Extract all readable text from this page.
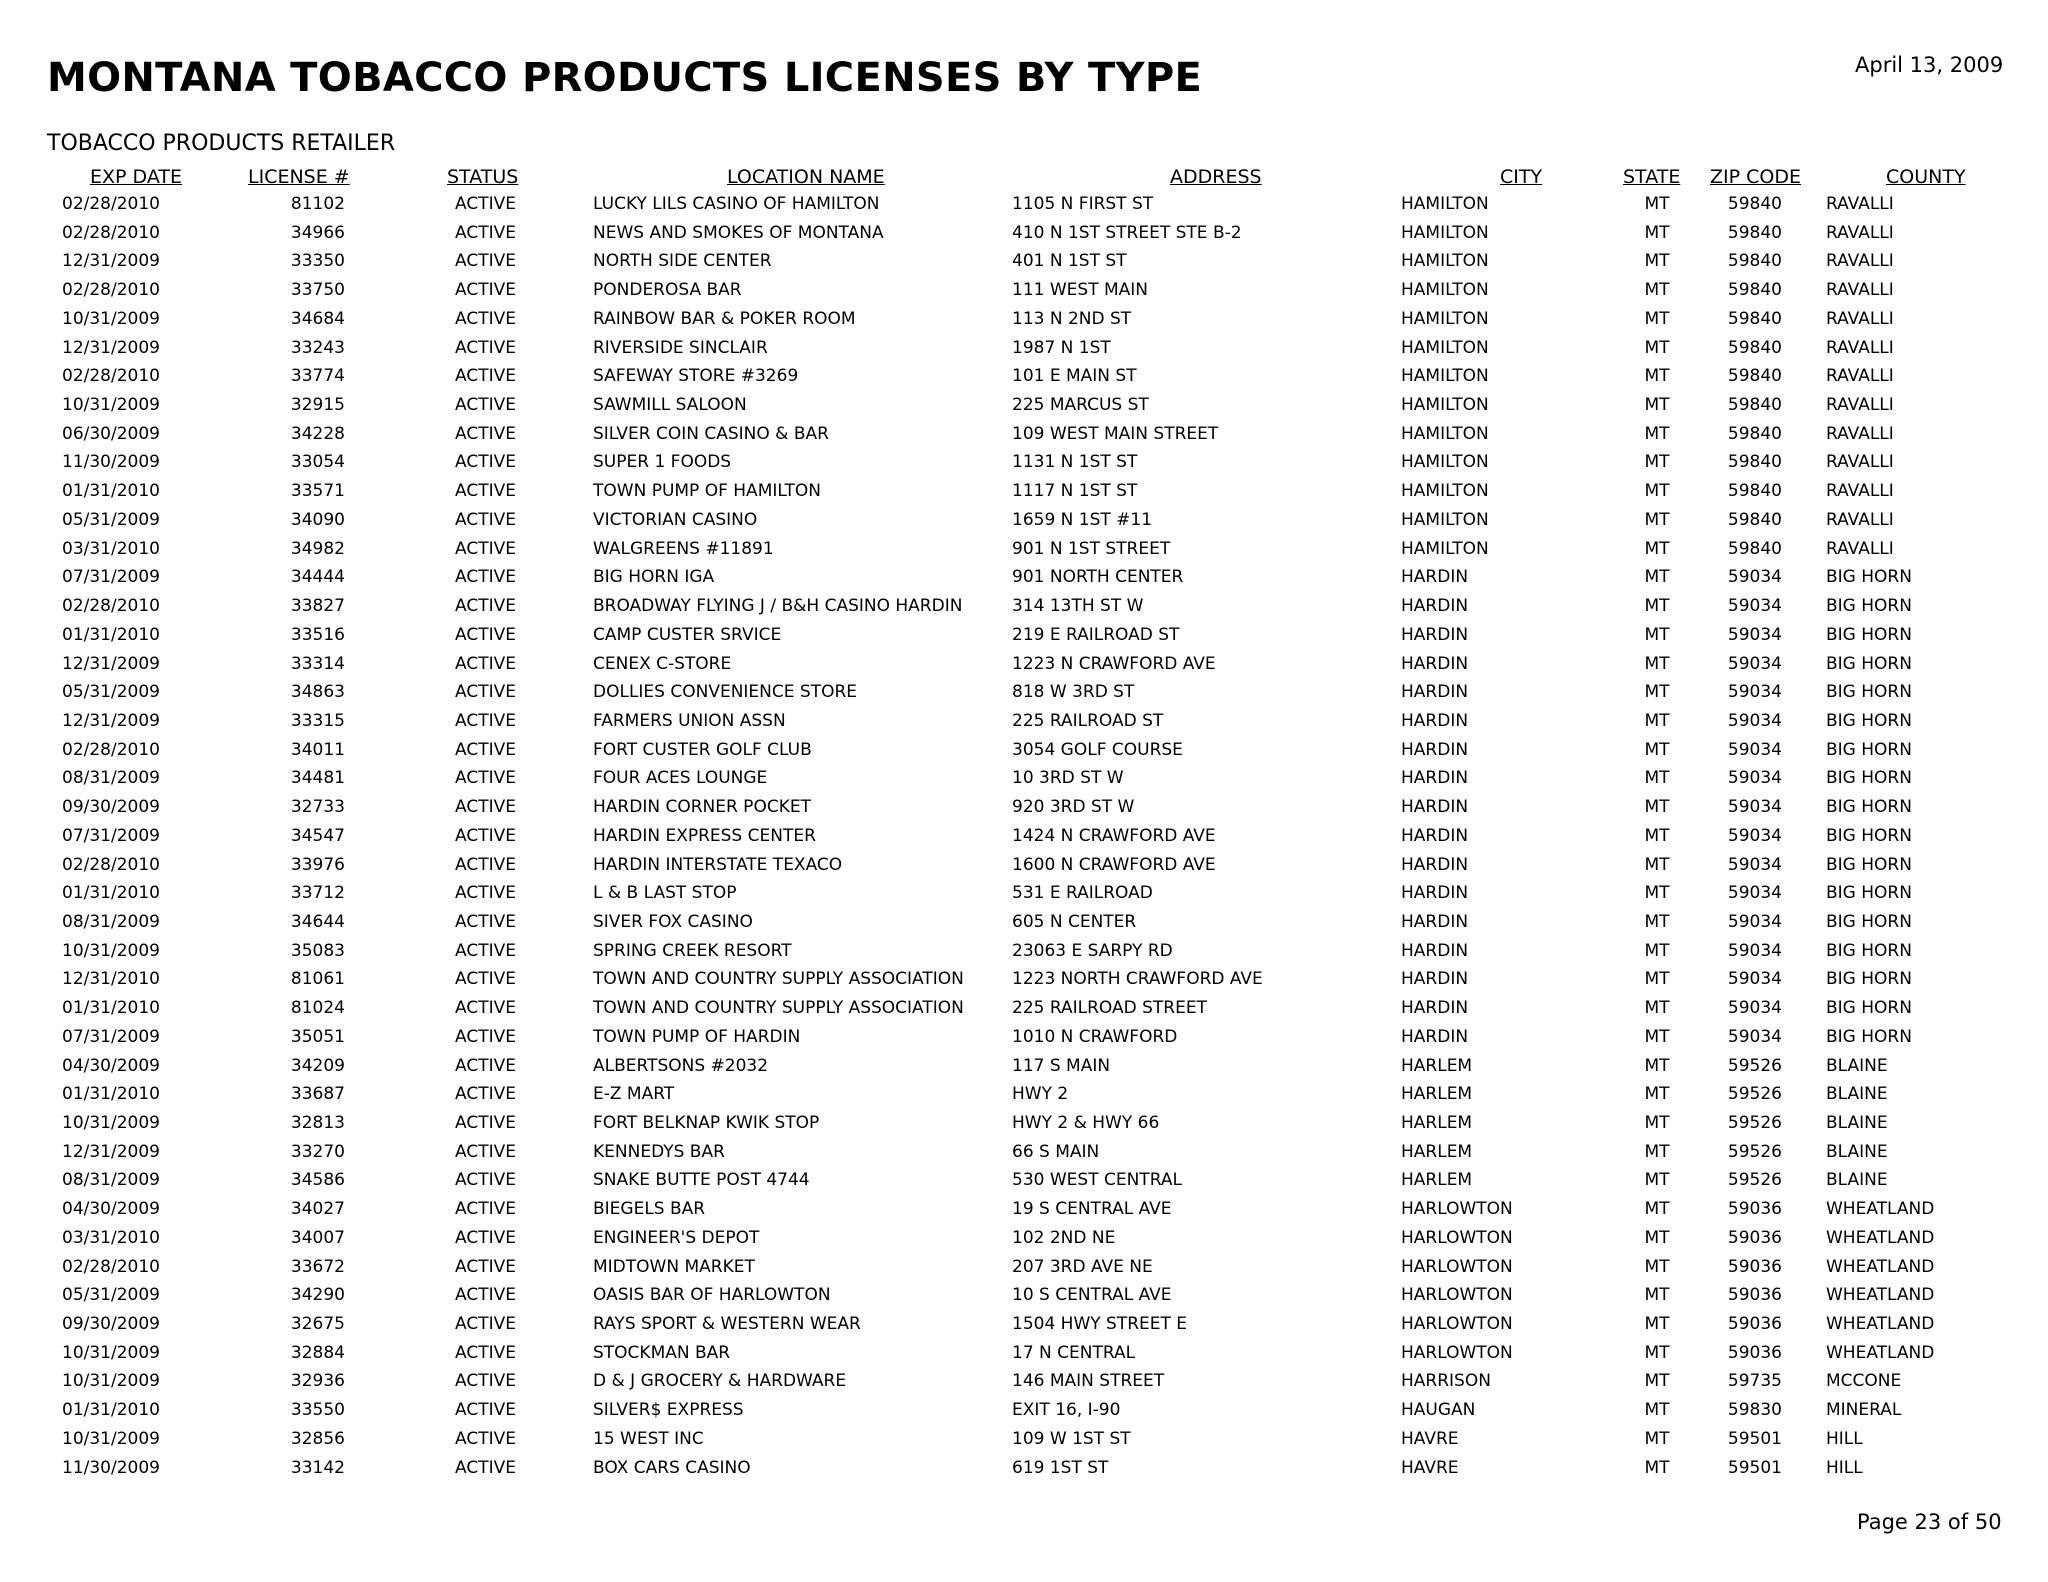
MONTANA TOBACCO PRODUCTS LICENSES BY TYPE	April 13, 2009
TOBACCO PRODUCTS RETAILER
EXP DATE	LICENSE #	STATUS	LOCATION NAME	ADDRESS	CITY	STATE ZIP CODE	COUNTY
02/28/2010	81102	ACTIVE	LUCKY LILS CASINO OF HAMILTON	1105 N FIRST ST	HAMILTON	MT	59840	RAVALLI
02/28/2010	34966	ACTIVE	NEWS AND SMOKES OF MONTANA	410 N 1ST STREET STE B-2	HAMILTON	MT	59840	RAVALLI
12/31/2009	33350	ACTIVE	NORTH SIDE CENTER	401 N 1ST ST	HAMILTON	MT	59840	RAVALLI
02/28/2010	33750	ACTIVE	PONDEROSA BAR	111 WEST MAIN	HAMILTON	MT	59840	RAVALLI
10/31/2009	34684	ACTIVE	RAINBOW BAR & POKER ROOM	113 N 2ND ST	HAMILTON	MT	59840	RAVALLI
12/31/2009	33243	ACTIVE	RIVERSIDE SINCLAIR	1987 N 1ST	HAMILTON	MT	59840	RAVALLI
02/28/2010	33774	ACTIVE	SAFEWAY STORE #3269	101 E MAIN ST	HAMILTON	MT	59840	RAVALLI
10/31/2009	32915	ACTIVE	SAWMILL SALOON	225 MARCUS ST	HAMILTON	MT	59840	RAVALLI
06/30/2009	34228	ACTIVE	SILVER COIN CASINO & BAR	109 WEST MAIN STREET	HAMILTON	MT	59840	RAVALLI
11/30/2009	33054	ACTIVE	SUPER 1 FOODS	1131 N 1ST ST	HAMILTON	MT	59840	RAVALLI
01/31/2010	33571	ACTIVE	TOWN PUMP OF HAMILTON	1117 N 1ST ST	HAMILTON	MT	59840	RAVALLI
05/31/2009	34090	ACTIVE	VICTORIAN CASINO	1659 N 1ST #11	HAMILTON	MT	59840	RAVALLI
03/31/2010	34982	ACTIVE	WALGREENS #11891	901 N 1ST STREET	HAMILTON	MT	59840	RAVALLI
07/31/2009	34444	ACTIVE	BIG HORN IGA	901 NORTH CENTER	HARDIN	MT	59034	BIG HORN
02/28/2010	33827	ACTIVE	BROADWAY FLYING J / B&H CASINO HARDIN	314 13TH ST W	HARDIN	MT	59034	BIG HORN
01/31/2010	33516	ACTIVE	CAMP CUSTER SRVICE	219 E RAILROAD ST	HARDIN	MT	59034	BIG HORN
12/31/2009	33314	ACTIVE	CENEX C-STORE	1223 N CRAWFORD AVE	HARDIN	MT	59034	BIG HORN
05/31/2009	34863	ACTIVE	DOLLIES CONVENIENCE STORE	818 W 3RD ST	HARDIN	MT	59034	BIG HORN
12/31/2009	33315	ACTIVE	FARMERS UNION ASSN	225 RAILROAD ST	HARDIN	MT	59034	BIG HORN
02/28/2010	34011	ACTIVE	FORT CUSTER GOLF CLUB	3054 GOLF COURSE	HARDIN	MT	59034	BIG HORN
08/31/2009	34481	ACTIVE	FOUR ACES LOUNGE	10 3RD ST W	HARDIN	MT	59034	BIG HORN
09/30/2009	32733	ACTIVE	HARDIN CORNER POCKET	920 3RD ST W	HARDIN	MT	59034	BIG HORN
07/31/2009	34547	ACTIVE	HARDIN EXPRESS CENTER	1424 N CRAWFORD AVE	HARDIN	MT	59034	BIG HORN
02/28/2010	33976	ACTIVE	HARDIN INTERSTATE TEXACO	1600 N CRAWFORD AVE	HARDIN	MT	59034	BIG HORN
01/31/2010	33712	ACTIVE	L & B LAST STOP	531 E RAILROAD	HARDIN	MT	59034	BIG HORN
08/31/2009	34644	ACTIVE	SIVER FOX CASINO	605 N CENTER	HARDIN	MT	59034	BIG HORN
10/31/2009	35083	ACTIVE	SPRING CREEK RESORT	23063 E SARPY RD	HARDIN	MT	59034	BIG HORN
12/31/2010	81061	ACTIVE	TOWN AND COUNTRY SUPPLY ASSOCIATION	1223 NORTH CRAWFORD AVE	HARDIN	MT	59034	BIG HORN
01/31/2010	81024	ACTIVE	TOWN AND COUNTRY SUPPLY ASSOCIATION	225 RAILROAD STREET	HARDIN	MT	59034	BIG HORN
07/31/2009	35051	ACTIVE	TOWN PUMP OF HARDIN	1010 N CRAWFORD	HARDIN	MT	59034	BIG HORN
04/30/2009	34209	ACTIVE	ALBERTSONS #2032	117 S MAIN	HARLEM	MT	59526	BLAINE
01/31/2010	33687	ACTIVE	E-Z MART	HWY 2	HARLEM	MT	59526	BLAINE
10/31/2009	32813	ACTIVE	FORT BELKNAP KWIK STOP	HWY 2 & HWY 66	HARLEM	MT	59526	BLAINE
12/31/2009	33270	ACTIVE	KENNEDYS BAR	66 S MAIN	HARLEM	MT	59526	BLAINE
08/31/2009	34586	ACTIVE	SNAKE BUTTE POST 4744	530 WEST CENTRAL	HARLEM	MT	59526	BLAINE
04/30/2009	34027	ACTIVE	BIEGELS BAR	19 S CENTRAL AVE	HARLOWTON	MT	59036	WHEATLAND
03/31/2010	34007	ACTIVE	ENGINEER'S DEPOT	102 2ND NE	HARLOWTON	MT	59036	WHEATLAND
02/28/2010	33672	ACTIVE	MIDTOWN MARKET	207 3RD AVE NE	HARLOWTON	MT	59036	WHEATLAND
05/31/2009	34290	ACTIVE	OASIS BAR OF HARLOWTON	10 S CENTRAL AVE	HARLOWTON	MT	59036	WHEATLAND
09/30/2009	32675	ACTIVE	RAYS SPORT & WESTERN WEAR	1504 HWY STREET E	HARLOWTON	MT	59036	WHEATLAND
10/31/2009	32884	ACTIVE	STOCKMAN BAR	17 N CENTRAL	HARLOWTON	MT	59036	WHEATLAND
10/31/2009	32936	ACTIVE	D & J GROCERY & HARDWARE	146 MAIN STREET	HARRISON	MT	59735	MCCONE
01/31/2010	33550	ACTIVE	SILVER$ EXPRESS	EXIT 16, I-90	HAUGAN	MT	59830	MINERAL
10/31/2009	32856	ACTIVE	15 WEST INC	109 W 1ST ST	HAVRE	MT	59501	HILL
11/30/2009	33142	ACTIVE	BOX CARS CASINO	619 1ST ST	HAVRE	MT	59501	HILL
Page 23 of 50
